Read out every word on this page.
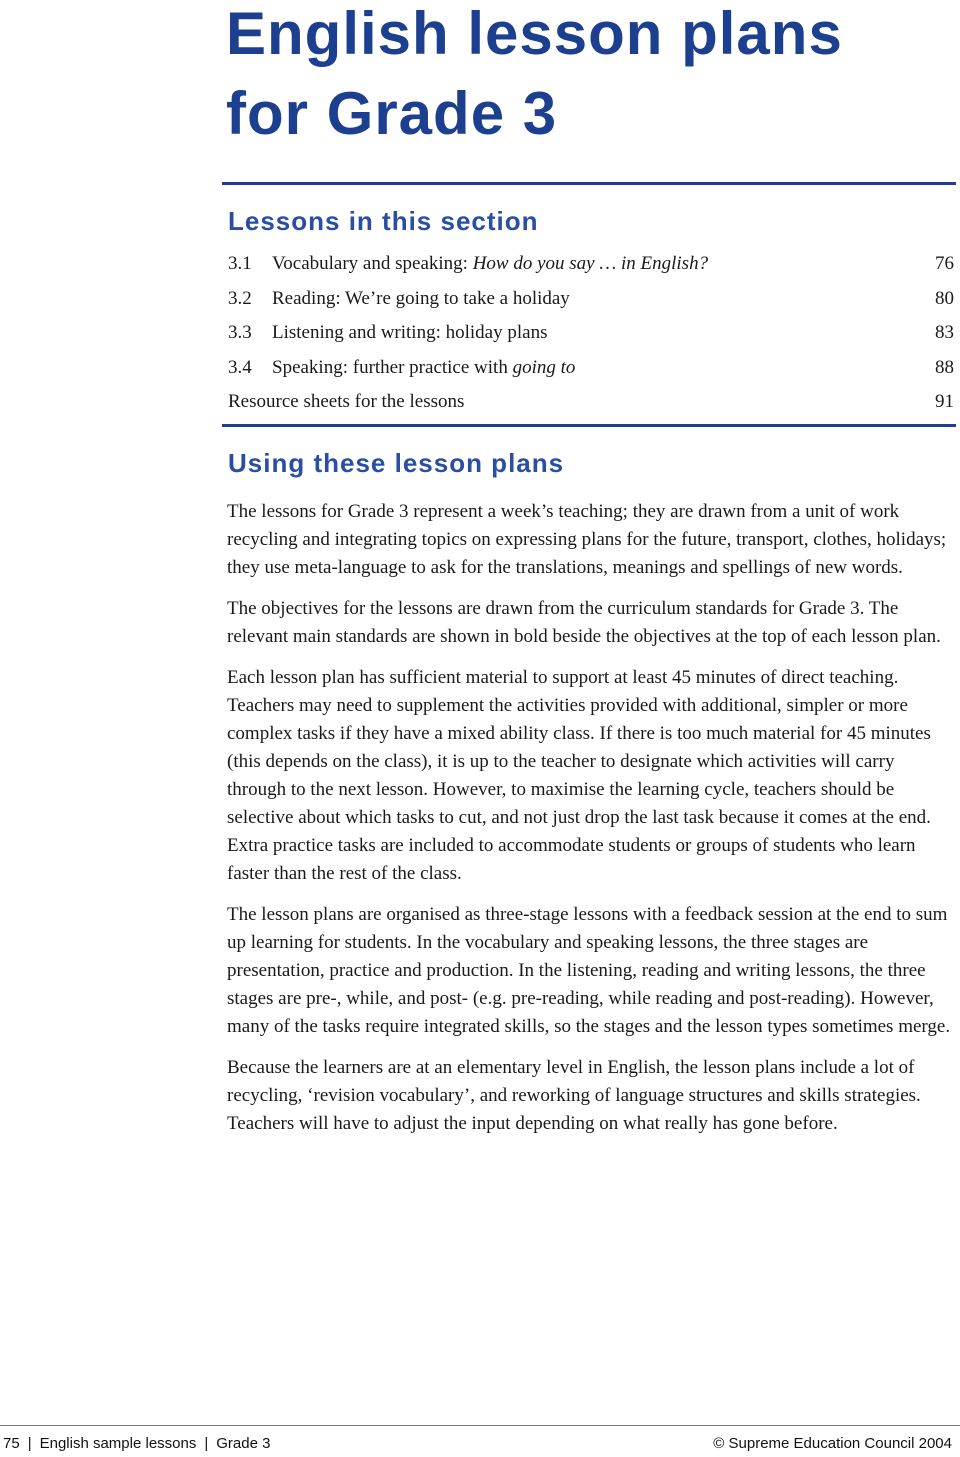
English lesson plans
for Grade 3
Lessons in this section
3.1	Vocabulary and speaking: How do you say … in English?	76
3.2	Reading: We’re going to take a holiday	80
3.3	Listening and writing: holiday plans	83
3.4	Speaking: further practice with going to	88
Resource sheets for the lessons	91
Using these lesson plans

The lessons for Grade 3 represent a week’s teaching; they are drawn from a unit of work recycling and integrating topics on expressing plans for the future, transport, clothes, holidays; they use meta-language to ask for the translations, meanings and spellings of new words.

The objectives for the lessons are drawn from the curriculum standards for Grade 3. The relevant main standards are shown in bold beside the objectives at the top of each lesson plan.

Each lesson plan has sufficient material to support at least 45 minutes of direct teaching. Teachers may need to supplement the activities provided with additional, simpler or more complex tasks if they have a mixed ability class. If there is too much material for 45 minutes (this depends on the class), it is up to the teacher to designate which activities will carry through to the next lesson. However, to maximise the learning cycle, teachers should be selective about which tasks to cut, and not just drop the last task because it comes at the end. Extra practice tasks are included to accommodate students or groups of students who learn faster than the rest of the class.

The lesson plans are organised as three-stage lessons with a feedback session at the end to sum up learning for students. In the vocabulary and speaking lessons, the three stages are presentation, practice and production. In the listening, reading and writing lessons, the three stages are pre-, while, and post- (e.g. pre-reading, while reading and post-reading). However, many of the tasks require integrated skills, so the stages and the lesson types sometimes merge.

Because the learners are at an elementary level in English, the lesson plans include a lot of recycling, ‘revision vocabulary’, and reworking of language structures and skills strategies. Teachers will have to adjust the input depending on what really has gone before.

75 | English sample lessons | Grade 3	© Supreme Education Council 2004
